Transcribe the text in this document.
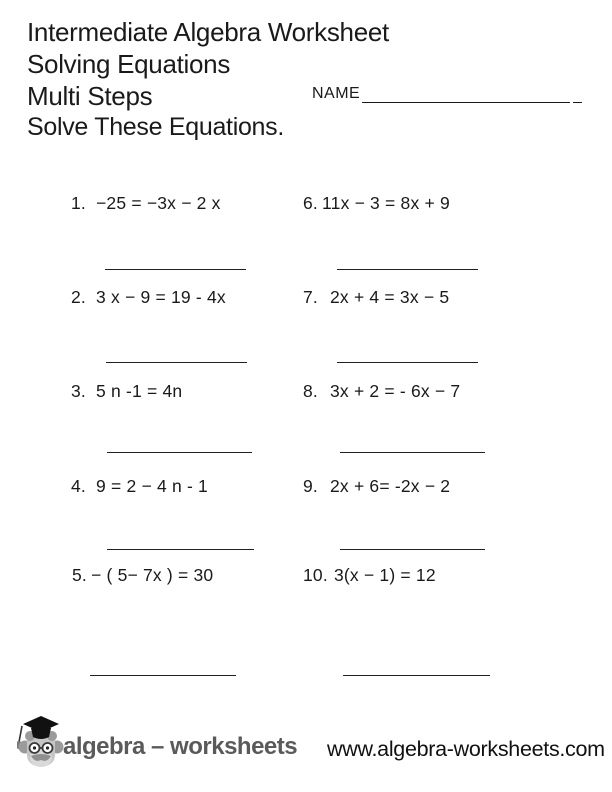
Intermediate Algebra Worksheet
Solving Equations
Multi Steps
Solve These Equations.
NAME
1. −25 = −3x − 2 x
2. 3 x − 9 = 19 - 4x
3. 5 n -1 = 4n
4. 9 = 2 − 4 n - 1
5. − ( 5− 7x ) = 30
6. 11x − 3 = 8x + 9
7. 2x + 4 = 3x − 5
8. 3x + 2 = - 6x − 7
9. 2x + 6= -2x − 2
10. 3(x − 1) = 12
algebra – worksheets www.algebra-worksheets.com
